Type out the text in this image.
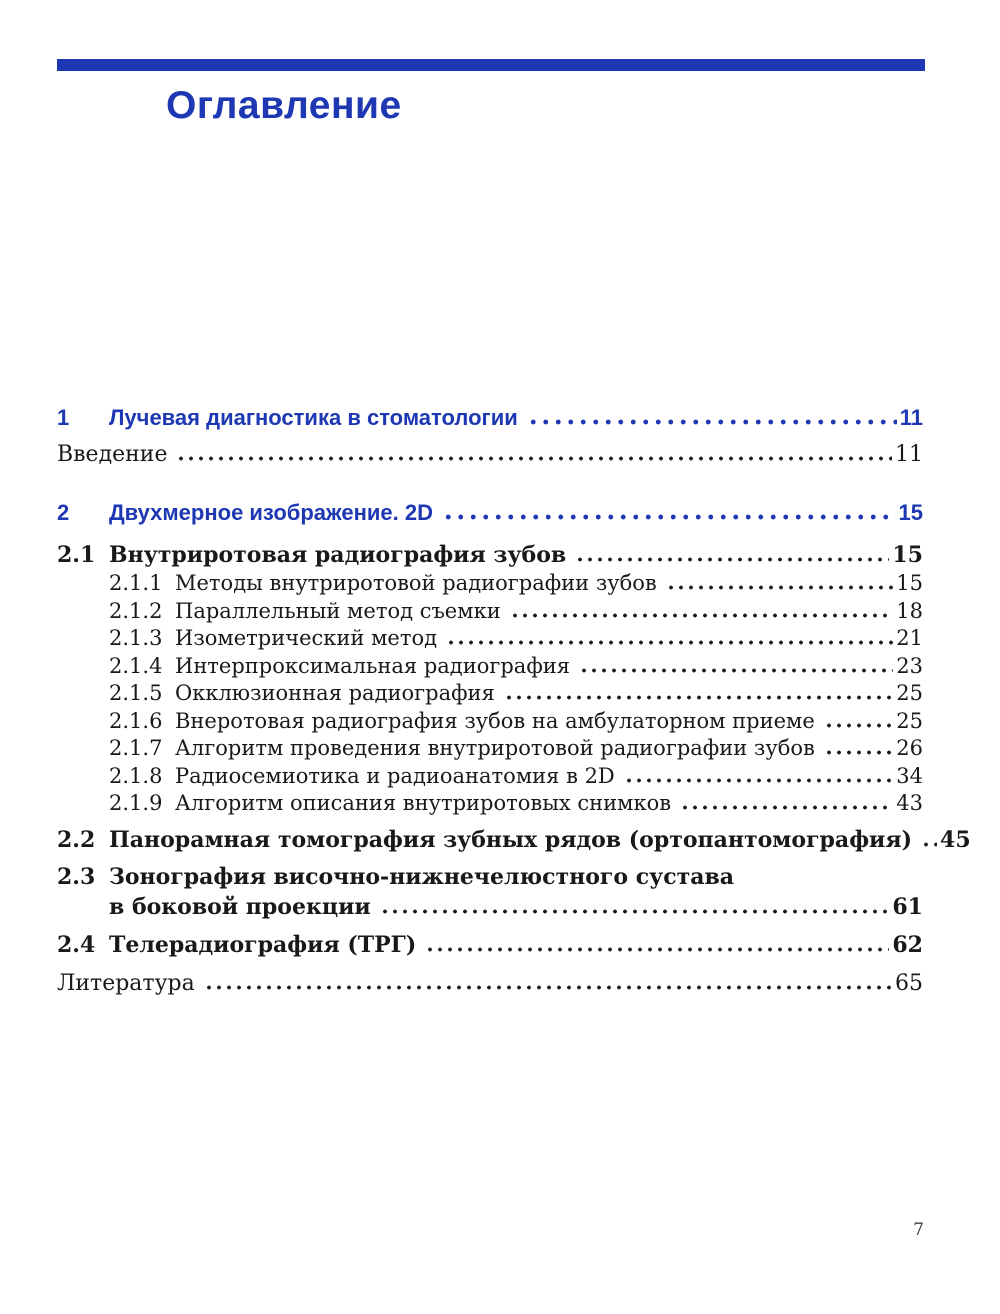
Оглавление
1	Лучевая диагностика в стоматологии	11
Введение	11
2	Двухмерное изображение. 2D	15
2.1 Внутриротовая радиография зубов	15
2.1.1 Методы внутриротовой радиографии зубов	15
2.1.2 Параллельный метод съемки	18
2.1.3 Изометрический метод	21
2.1.4 Интерпроксимальная радиография	23
2.1.5 Окклюзионная радиография	25
2.1.6 Внеротовая радиография зубов на амбулаторном приеме	25
2.1.7 Алгоритм проведения внутриротовой радиографии зубов	26
2.1.8 Радиосемиотика и радиоанатомия в 2D	34
2.1.9 Алгоритм описания внутриротовых снимков	43
2.2 Панорамная томография зубных рядов (ортопантомография) 45
2.3 Зонография височно-нижнечелюстного сустава
в боковой проекции	61
2.4 Телерадиография (ТРГ)	62
Литература	65
7
